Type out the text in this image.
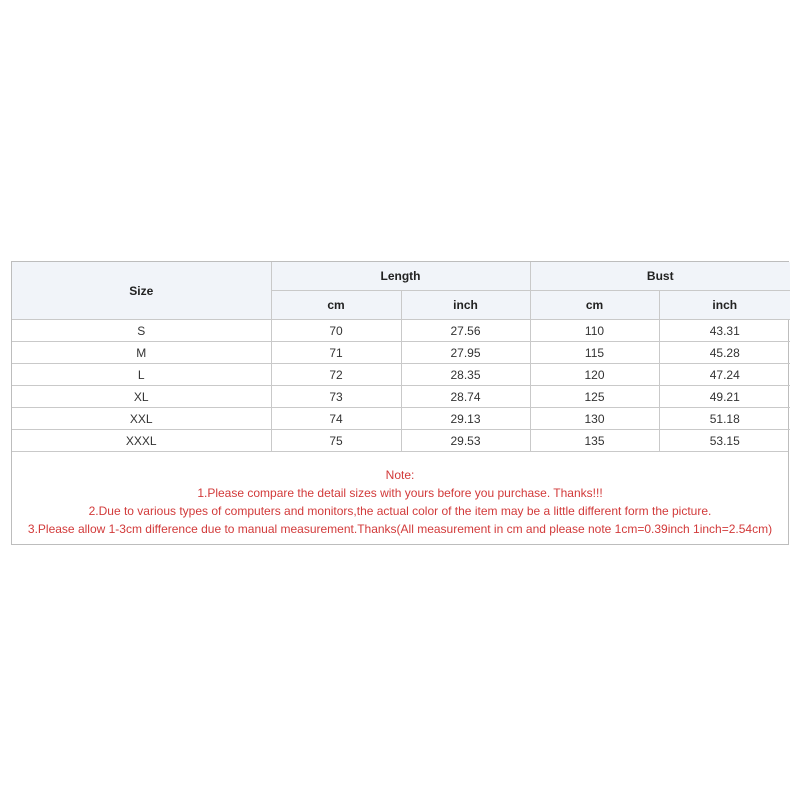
Size	Length		Bust	
	cm	inch	cm	inch
S	70	27.56	110	43.31
M	71	27.95	115	45.28
L	72	28.35	120	47.24
XL	73	28.74	125	49.21
XXL	74	29.13	130	51.18
XXXL	75	29.53	135	53.15
Note:
1.Please compare the detail sizes with yours before you purchase. Thanks!!!
2.Due to various types of computers and monitors,the actual color of the item may be a little different form the picture.
3.Please allow 1-3cm difference due to manual measurement.Thanks(All measurement in cm and please note 1cm=0.39inch 1inch=2.54cm)
